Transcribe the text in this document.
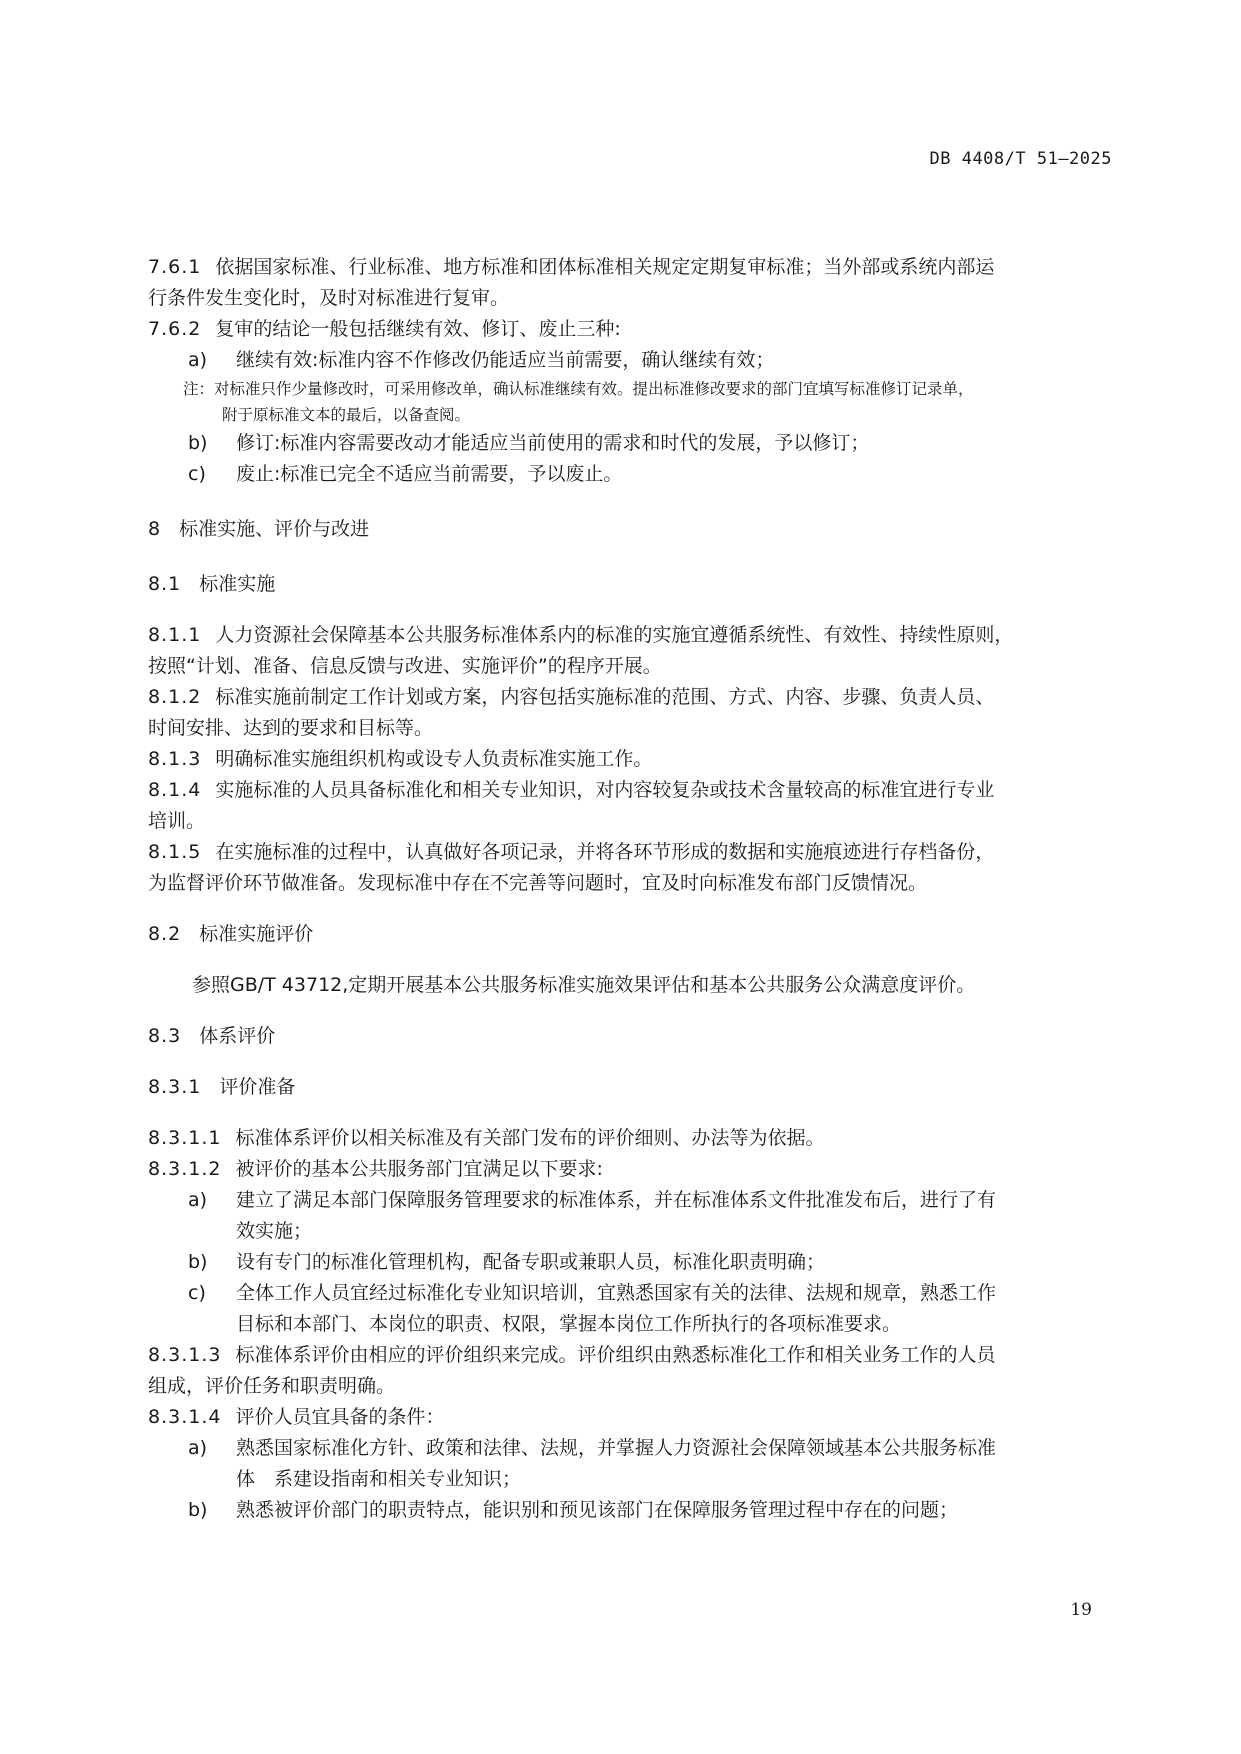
DB 4408/T 51—2025
7.6.1 依据国家标准、行业标准、地方标准和团体标准相关规定定期复审标准；当外部或系统内部运
行条件发生变化时，及时对标准进行复审。
7.6.2 复审的结论一般包括继续有效、修订、废止三种:
a) 继续有效:标准内容不作修改仍能适应当前需要，确认继续有效；
注：对标准只作少量修改时，可采用修改单，确认标准继续有效。提出标准修改要求的部门宜填写标准修订记录单，
附于原标准文本的最后，以备查阅。
b) 修订:标准内容需要改动才能适应当前使用的需求和时代的发展，予以修订；
c) 废止:标准已完全不适应当前需要，予以废止。
8 标准实施、评价与改进
8.1 标准实施
8.1.1 人力资源社会保障基本公共服务标准体系内的标准的实施宜遵循系统性、有效性、持续性原则，
按照“计划、准备、信息反馈与改进、实施评价”的程序开展。
8.1.2 标准实施前制定工作计划或方案，内容包括实施标准的范围、方式、内容、步骤、负责人员、
时间安排、达到的要求和目标等。
8.1.3 明确标准实施组织机构或设专人负责标准实施工作。
8.1.4 实施标准的人员具备标准化和相关专业知识，对内容较复杂或技术含量较高的标准宜进行专业
培训。
8.1.5 在实施标准的过程中，认真做好各项记录，并将各环节形成的数据和实施痕迹进行存档备份，
为监督评价环节做准备。发现标准中存在不完善等问题时，宜及时向标准发布部门反馈情况。
8.2 标准实施评价
参照GB/T 43712,定期开展基本公共服务标准实施效果评估和基本公共服务公众满意度评价。
8.3 体系评价
8.3.1 评价准备
8.3.1.1 标准体系评价以相关标准及有关部门发布的评价细则、办法等为依据。
8.3.1.2 被评价的基本公共服务部门宜满足以下要求:
a) 建立了满足本部门保障服务管理要求的标准体系，并在标准体系文件批准发布后，进行了有
效实施；
b) 设有专门的标准化管理机构，配备专职或兼职人员，标准化职责明确；
c) 全体工作人员宜经过标准化专业知识培训，宜熟悉国家有关的法律、法规和规章，熟悉工作
目标和本部门、本岗位的职责、权限，掌握本岗位工作所执行的各项标准要求。
8.3.1.3 标准体系评价由相应的评价组织来完成。评价组织由熟悉标准化工作和相关业务工作的人员
组成，评价任务和职责明确。
8.3.1.4 评价人员宜具备的条件：
a) 熟悉国家标准化方针、政策和法律、法规，并掌握人力资源社会保障领域基本公共服务标准
体　系建设指南和相关专业知识；
b) 熟悉被评价部门的职责特点，能识别和预见该部门在保障服务管理过程中存在的问题；
19
